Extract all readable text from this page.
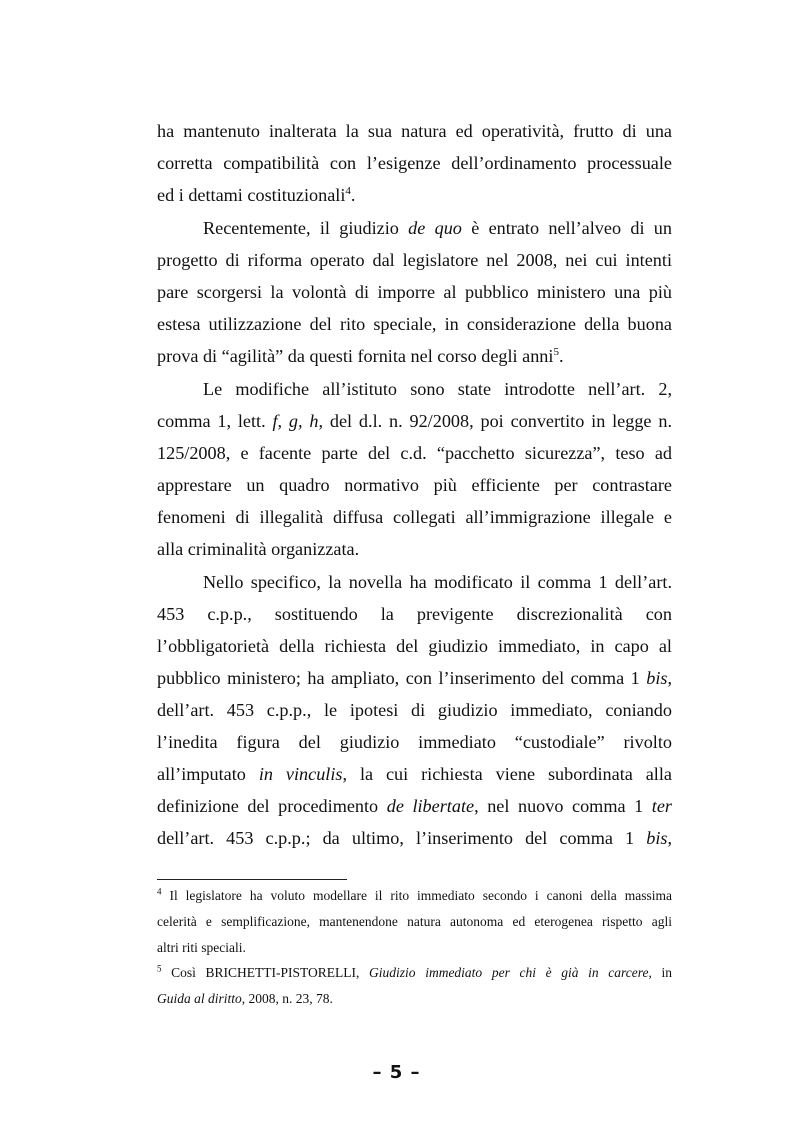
ha mantenuto inalterata la sua natura ed operatività, frutto di una
corretta compatibilità con l’esigenze dell’ordinamento processuale
ed i dettami costituzionali$^4$.
Recentemente, il giudizio de quo è entrato nell’alveo di un
progetto di riforma operato dal legislatore nel 2008, nei cui intenti
pare scorgersi la volontà di imporre al pubblico ministero una più
estesa utilizzazione del rito speciale, in considerazione della buona
prova di “agilità” da questi fornita nel corso degli anni$^5$.
Le modifiche all’istituto sono state introdotte nell’art. 2,
comma 1, lett. f, g, h, del d.l. n. 92/2008, poi convertito in legge n.
125/2008, e facente parte del c.d. “pacchetto sicurezza”, teso ad
apprestare un quadro normativo più efficiente per contrastare
fenomeni di illegalità diffusa collegati all’immigrazione illegale e
alla criminalità organizzata.
Nello specifico, la novella ha modificato il comma 1 dell’art.
453 c.p.p., sostituendo la previgente discrezionalità con
l’obbligatorietà della richiesta del giudizio immediato, in capo al
pubblico ministero; ha ampliato, con l’inserimento del comma 1 bis,
dell’art. 453 c.p.p., le ipotesi di giudizio immediato, coniando
l’inedita figura del giudizio immediato “custodiale” rivolto
all’imputato in vinculis, la cui richiesta viene subordinata alla
definizione del procedimento de libertate, nel nuovo comma 1 ter
dell’art. 453 c.p.p.; da ultimo, l’inserimento del comma 1 bis,
$^4$ Il legislatore ha voluto modellare il rito immediato secondo i canoni della massima
celerità e semplificazione, mantenendone natura autonoma ed eterogenea rispetto agli
altri riti speciali.
$^5$ Così BRICHETTI-PISTORELLI, Giudizio immediato per chi è già in carcere, in
Guida al diritto, 2008, n. 23, 78.
– 5 –
